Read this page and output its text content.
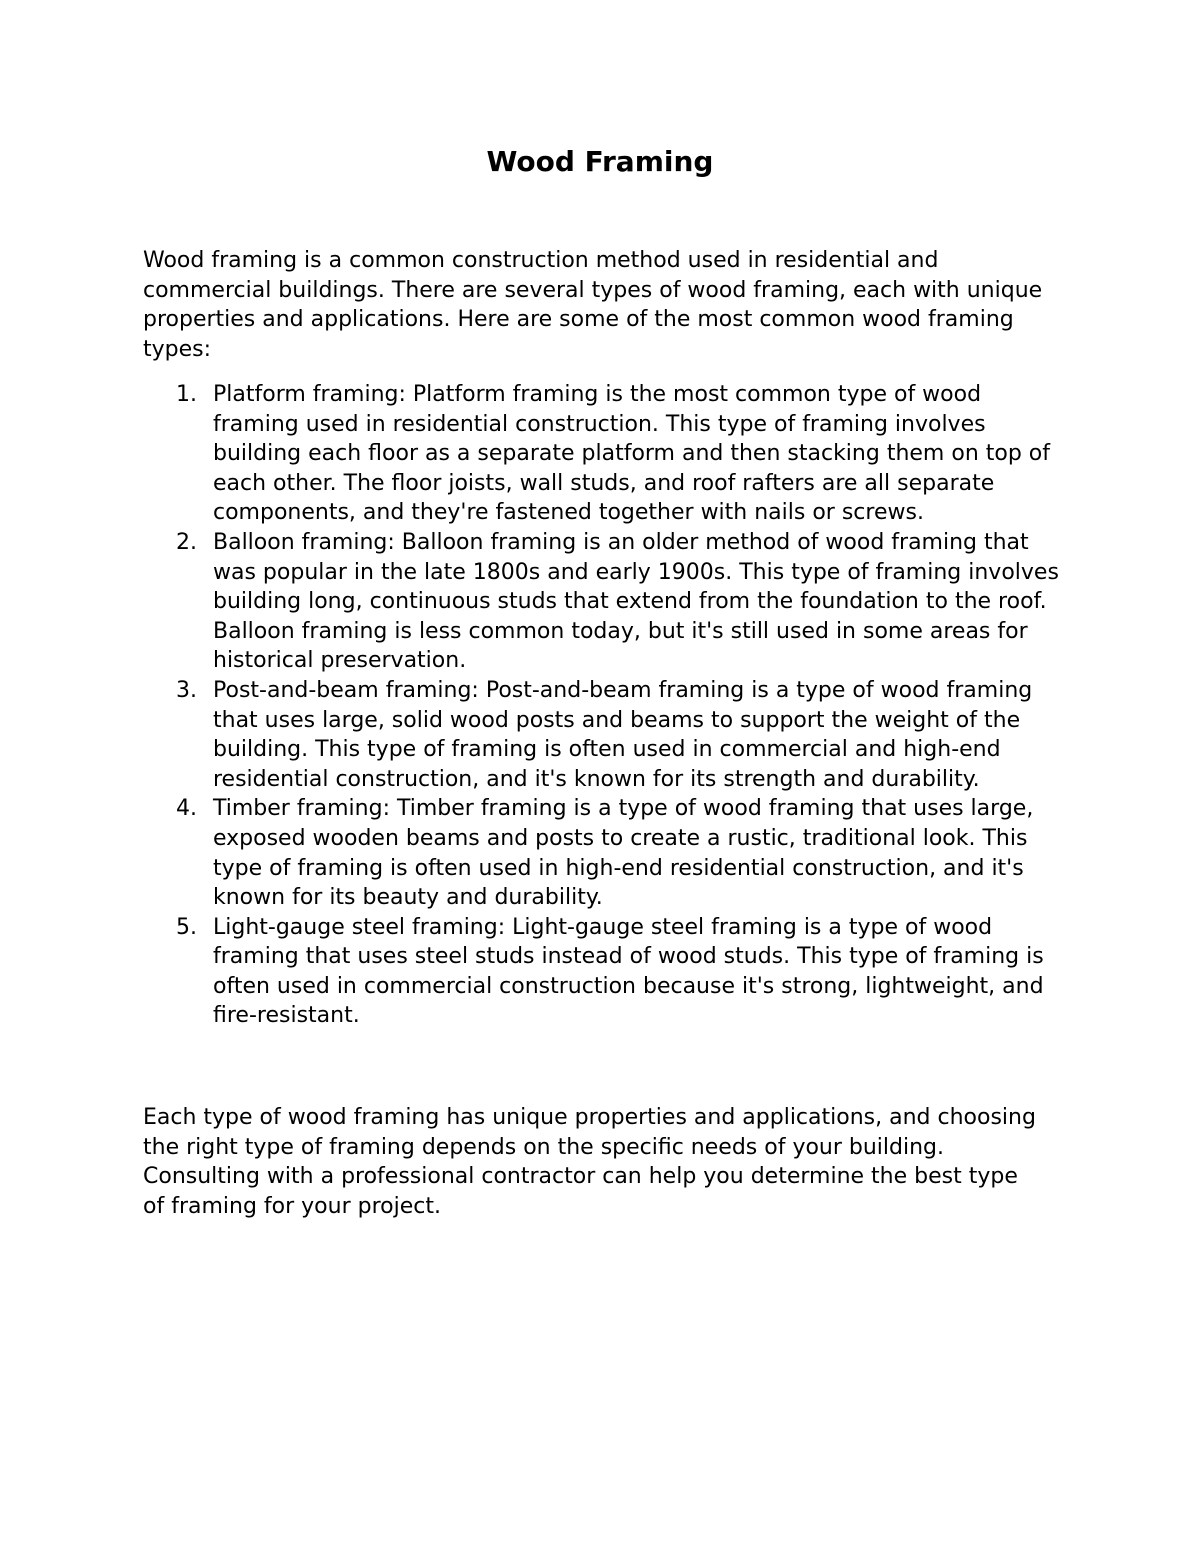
Wood Framing

Wood framing is a common construction method used in residential and commercial buildings. There are several types of wood framing, each with unique properties and applications. Here are some of the most common wood framing types:

1. Platform framing: Platform framing is the most common type of wood framing used in residential construction. This type of framing involves building each floor as a separate platform and then stacking them on top of each other. The floor joists, wall studs, and roof rafters are all separate components, and they're fastened together with nails or screws.
2. Balloon framing: Balloon framing is an older method of wood framing that was popular in the late 1800s and early 1900s. This type of framing involves building long, continuous studs that extend from the foundation to the roof. Balloon framing is less common today, but it's still used in some areas for historical preservation.
3. Post-and-beam framing: Post-and-beam framing is a type of wood framing that uses large, solid wood posts and beams to support the weight of the building. This type of framing is often used in commercial and high-end residential construction, and it's known for its strength and durability.
4. Timber framing: Timber framing is a type of wood framing that uses large, exposed wooden beams and posts to create a rustic, traditional look. This type of framing is often used in high-end residential construction, and it's known for its beauty and durability.
5. Light-gauge steel framing: Light-gauge steel framing is a type of wood framing that uses steel studs instead of wood studs. This type of framing is often used in commercial construction because it's strong, lightweight, and fire-resistant.

Each type of wood framing has unique properties and applications, and choosing the right type of framing depends on the specific needs of your building. Consulting with a professional contractor can help you determine the best type of framing for your project.
